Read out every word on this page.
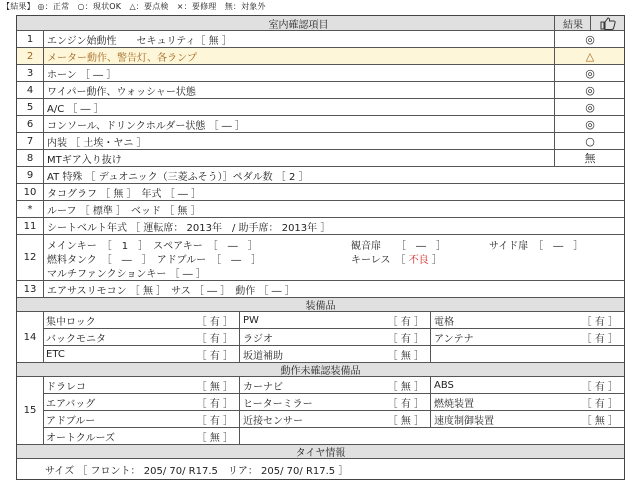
【結果】 ◎：正常　○：現状OK　△：要点検　×：要修理　無：対象外
室内確認項目	結果
1	エンジン始動性　　セキュリティ［ 無 ］	◎
2	メーター動作、警告灯、各ランプ	△
3	ホーン ［ ― ］	◎
4	ワイパー動作、ウォッシャー状態	◎
5	A/C ［ ― ］	◎
6	コンソール、ドリンクホルダー状態 ［ ― ］	◎
7	内装 ［ 土埃・ヤニ ］	○
8	MTギア入り抜け	無
9	AT 特殊 ［ デュオニック（三菱ふそう）］ペダル数 ［ 2 ］
10	タコグラフ ［ 無 ］　年式 ［ ― ］
*	ルーフ ［ 標準 ］　ベッド ［ 無 ］
11	シートベルト年式 ［ 運転席： 2013年　/ 助手席： 2013年 ］
12
メインキー　［　1　］　スペアキー　［　―　］	観音扉　　［　―　］	サイド扉　［　―　］
燃料タンク　［　―　］　アドブルー　［　―　］	キーレス　［ 不良 ］
マルチファンクションキー ［ ― ］
13	エアサスリモコン ［ 無 ］　サス ［ ― ］　動作 ［ ― ］
装備品
14
集中ロック	［ 有 ］ PW	［ 有 ］ 電格	［ 有 ］
バックモニタ	［ 有 ］ ラジオ	［ 有 ］ アンテナ	［ 有 ］
ETC	［ 有 ］ 坂道補助	［ 無 ］
動作未確認装備品
15
ドラレコ	［ 無 ］ カーナビ	［ 無 ］ ABS	［ 有 ］
エアバッグ	［ 有 ］ ヒーターミラー	［ 有 ］ 燃焼装置	［ 有 ］
アドブルー	［ 有 ］ 近接センサー	［ 無 ］ 速度制御装置	［ 無 ］
オートクルーズ	［ 無 ］
タイヤ情報
サイズ ［ フロント： 205/ 70/ R17.5　リア： 205/ 70/ R17.5 ］
